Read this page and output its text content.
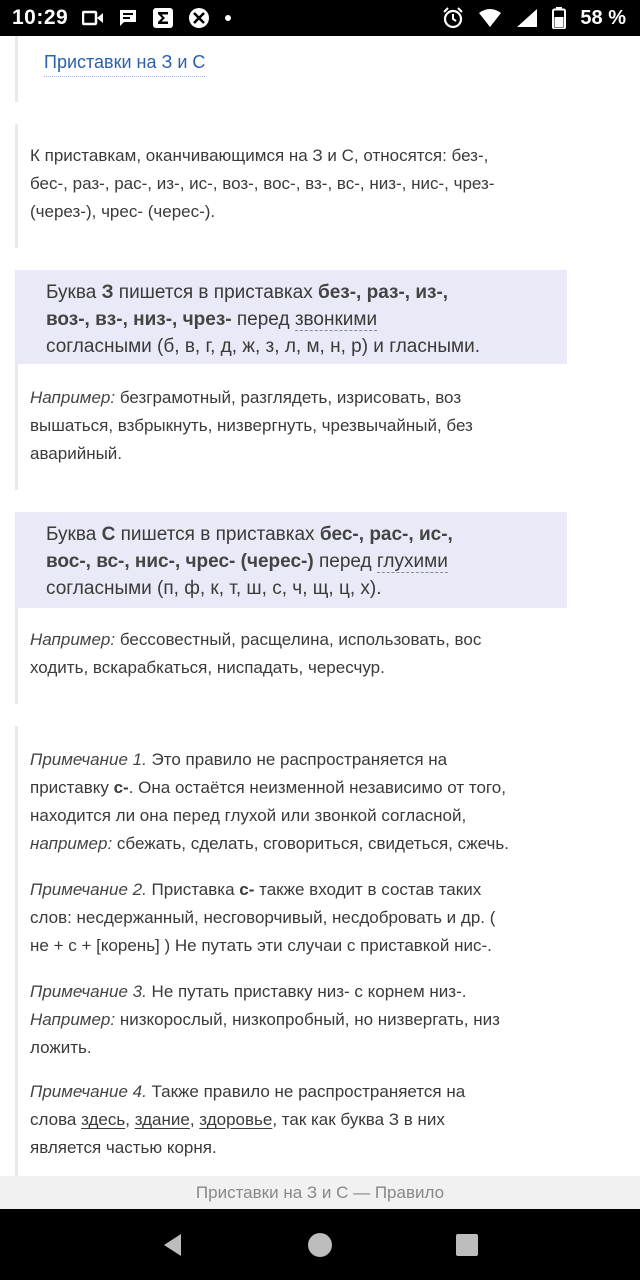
10:29	58 %
Приставки на З и С
К приставкам, оканчивающимся на З и С, относятся: без-,
бес-, раз-, рас-, из-, ис-, воз-, вос-, вз-, вс-, низ-, нис-, чрез-
(через-), чрес- (черес-).
Буква З пишется в приставках без-, раз-, из-,
воз-, вз-, низ-, чрез- перед звонкими
согласными (б, в, г, д, ж, з, л, м, н, р) и гласными.
Например: безграмотный, разглядеть, изрисовать, воз
вышаться, взбрыкнуть, низвергнуть, чрезвычайный, без
аварийный.
Буква С пишется в приставках бес-, рас-, ис-,
вос-, вс-, нис-, чрес- (черес-) перед глухими
согласными (п, ф, к, т, ш, с, ч, щ, ц, х).
Например: бессовестный, расщелина, использовать, вос
ходить, вскарабкаться, ниспадать, чересчур.
Примечание 1. Это правило не распространяется на
приставку с-. Она остаётся неизменной независимо от того,
находится ли она перед глухой или звонкой согласной,
например: сбежать, сделать, сговориться, свидеться, сжечь.
Примечание 2. Приставка с- также входит в состав таких
слов: несдержанный, несговорчивый, несдобровать и др. (
не + с + [корень] ) Не путать эти случаи с приставкой нис-.
Примечание 3. Не путать приставку низ- с корнем низ-.
Например: низкорослый, низкопробный, но низвергать, низ
ложить.
Примечание 4. Также правило не распространяется на
слова здесь, здание, здоровье, так как буква З в них
является частью корня.
Приставки на З и С — Правило
